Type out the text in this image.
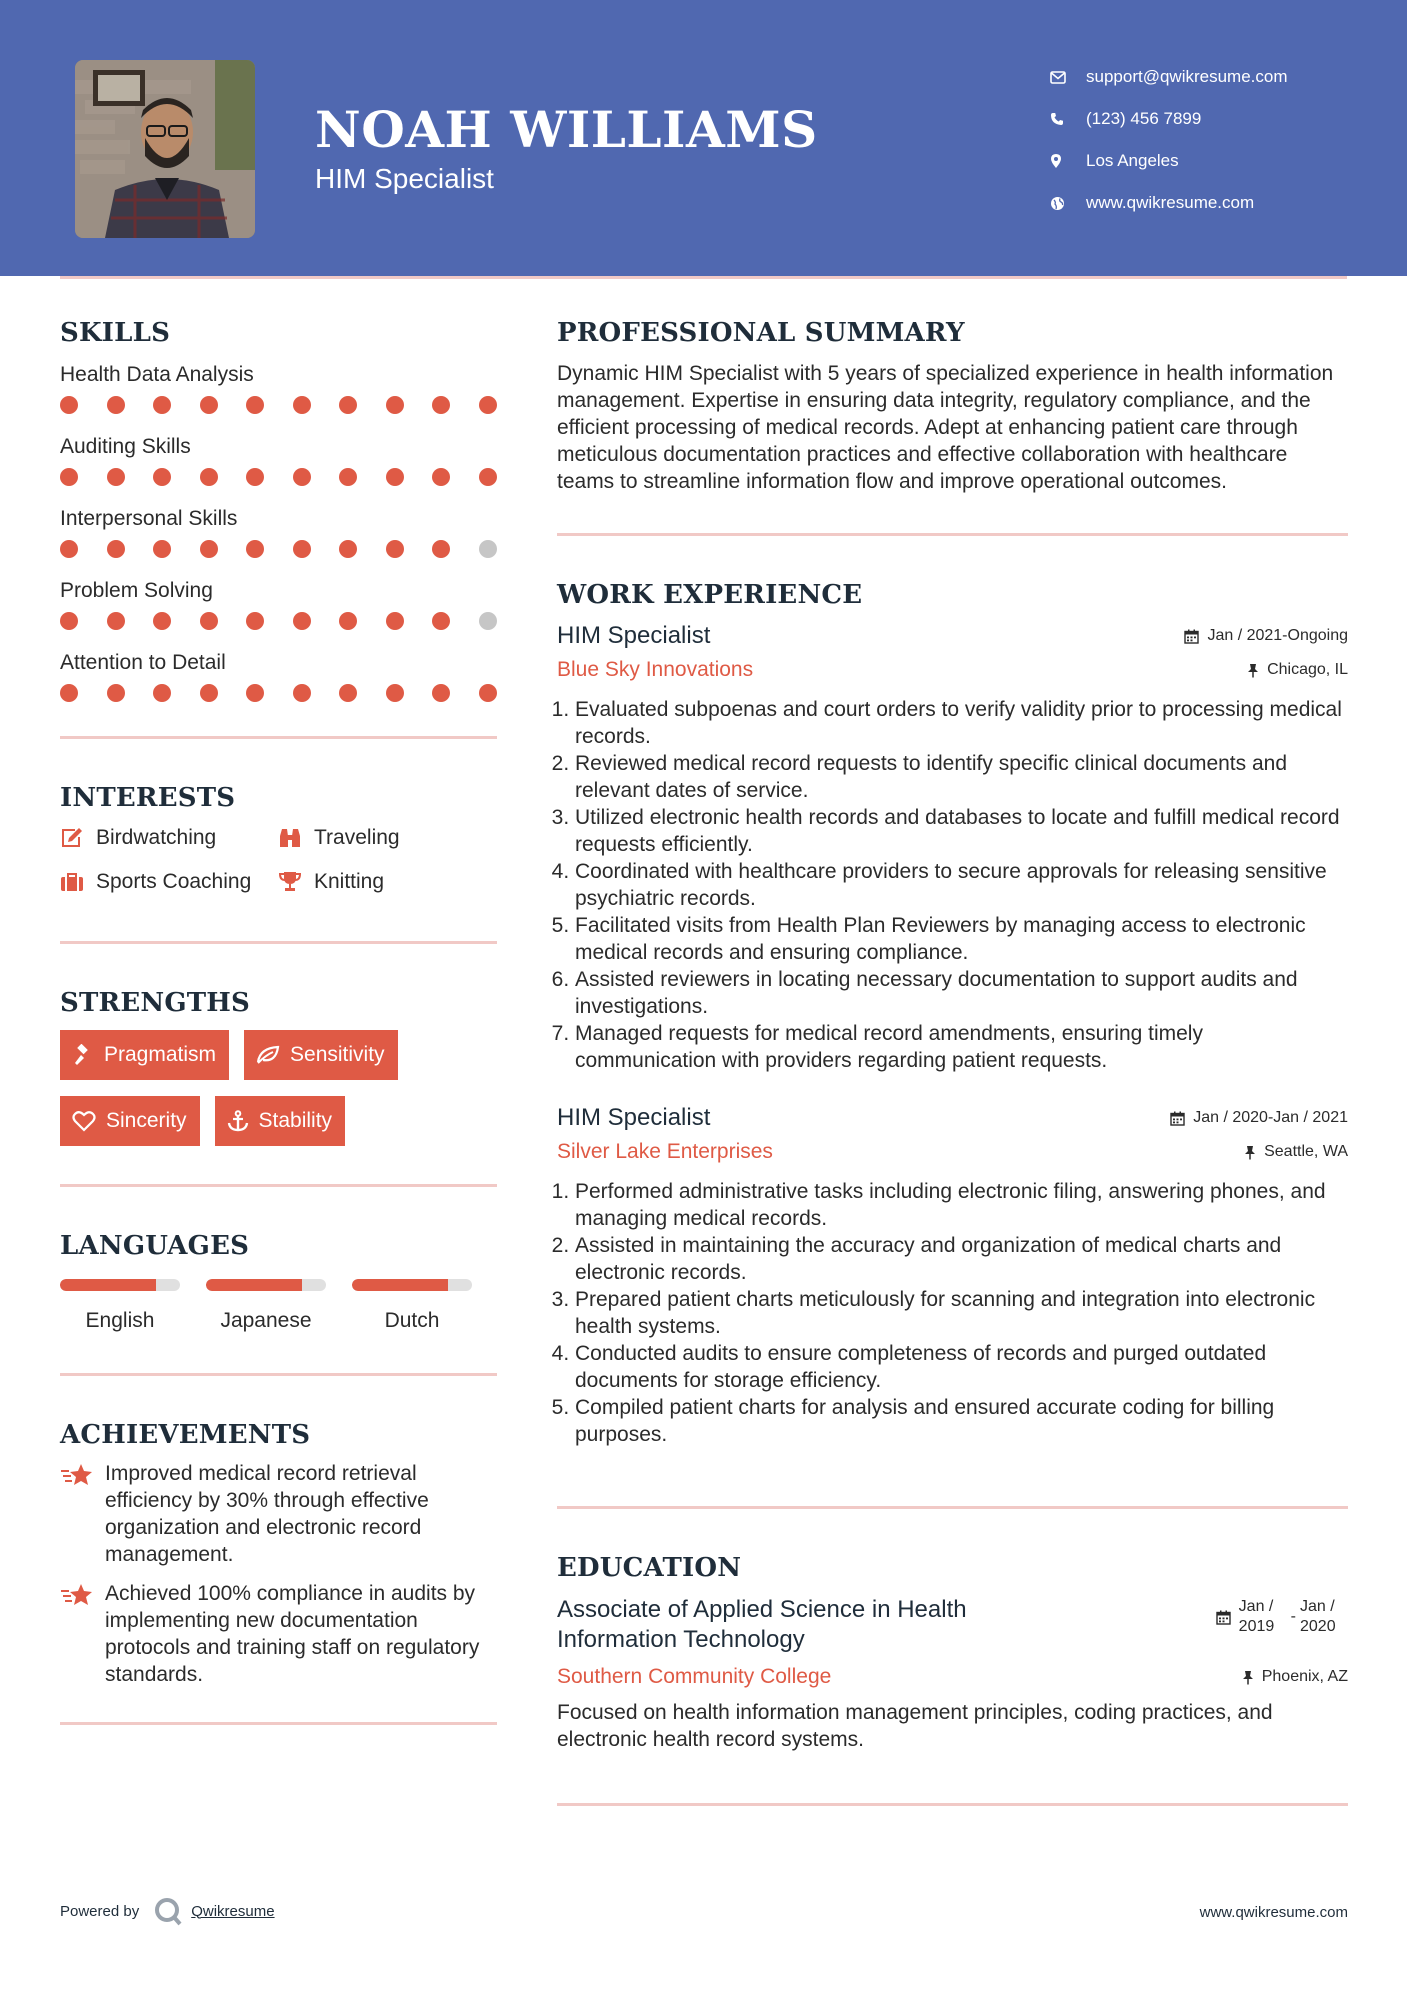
NOAH WILLIAMS
HIM Specialist
support@qwikresume.com
(123) 456 7899
Los Angeles
www.qwikresume.com
SKILLS
Health Data Analysis
Auditing Skills
Interpersonal Skills
Problem Solving
Attention to Detail
INTERESTS
Birdwatching	Traveling
Sports Coaching	Knitting
STRENGTHS
Pragmatism	Sensitivity
Sincerity	Stability
LANGUAGES
English	Japanese	Dutch
ACHIEVEMENTS
Improved medical record retrieval efficiency by 30% through effective organization and electronic record management.
Achieved 100% compliance in audits by implementing new documentation protocols and training staff on regulatory standards.
PROFESSIONAL SUMMARY

Dynamic HIM Specialist with 5 years of specialized experience in health information management. Expertise in ensuring data integrity, regulatory compliance, and the efficient processing of medical records. Adept at enhancing patient care through meticulous documentation practices and effective collaboration with healthcare teams to streamline information flow and improve operational outcomes.

WORK EXPERIENCE
HIM Specialist	Jan / 2021-Ongoing
Blue Sky Innovations	Chicago, IL
1. Evaluated subpoenas and court orders to verify validity prior to processing medical records.
2. Reviewed medical record requests to identify specific clinical documents and relevant dates of service.
3. Utilized electronic health records and databases to locate and fulfill medical record requests efficiently.
4. Coordinated with healthcare providers to secure approvals for releasing sensitive psychiatric records.
5. Facilitated visits from Health Plan Reviewers by managing access to electronic medical records and ensuring compliance.
6. Assisted reviewers in locating necessary documentation to support audits and investigations.
7. Managed requests for medical record amendments, ensuring timely communication with providers regarding patient requests.
HIM Specialist	Jan / 2020-Jan / 2021
Silver Lake Enterprises	Seattle, WA
1. Performed administrative tasks including electronic filing, answering phones, and managing medical records.
2. Assisted in maintaining the accuracy and organization of medical charts and electronic records.
3. Prepared patient charts meticulously for scanning and integration into electronic health systems.
4. Conducted audits to ensure completeness of records and purged outdated documents for storage efficiency.
5. Compiled patient charts for analysis and ensured accurate coding for billing purposes.
EDUCATION
Associate of Applied Science in Health Information Technology
Jan / 2019
-
Jan / 2020
Southern Community College	Phoenix, AZ

Focused on health information management principles, coding practices, and electronic health record systems.

Powered by	Qwikresume	www.qwikresume.com
